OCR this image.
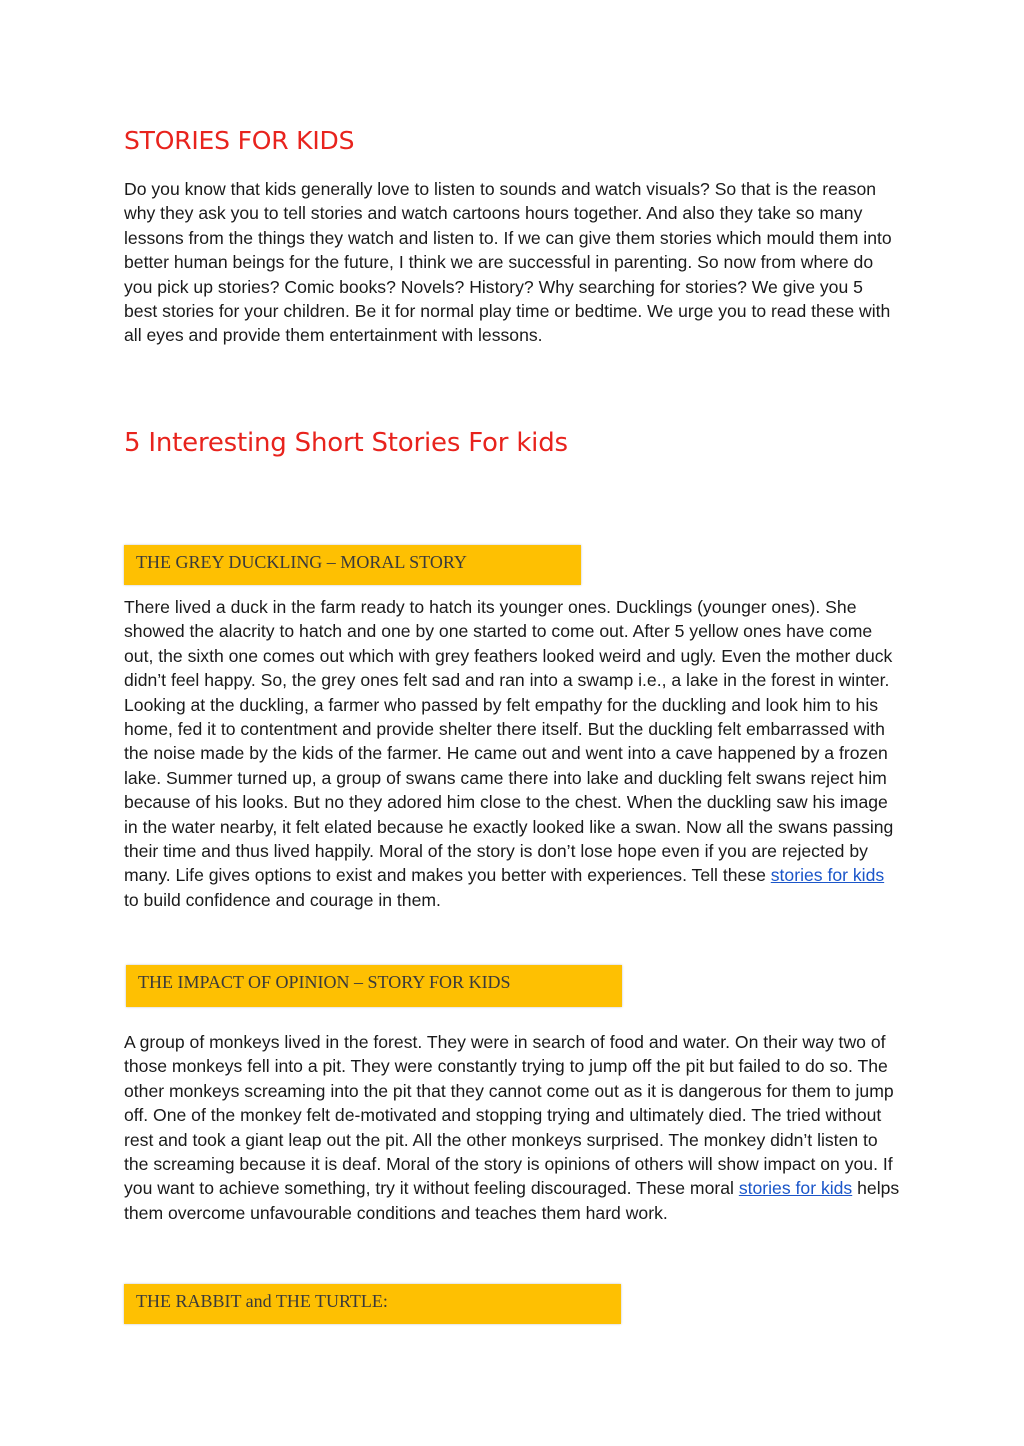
STORIES FOR KIDS

Do you know that kids generally love to listen to sounds and watch visuals? So that is the reason why they ask you to tell stories and watch cartoons hours together. And also they take so many lessons from the things they watch and listen to. If we can give them stories which mould them into better human beings for the future, I think we are successful in parenting. So now from where do you pick up stories? Comic books? Novels? History? Why searching for stories? We give you 5 best stories for your children. Be it for normal play time or bedtime. We urge you to read these with all eyes and provide them entertainment with lessons.

5 Interesting Short Stories For kids
THE GREY DUCKLING – MORAL STORY

There lived a duck in the farm ready to hatch its younger ones. Ducklings (younger ones). She showed the alacrity to hatch and one by one started to come out. After 5 yellow ones have come out, the sixth one comes out which with grey feathers looked weird and ugly. Even the mother duck didn’t feel happy. So, the grey ones felt sad and ran into a swamp i.e., a lake in the forest in winter. Looking at the duckling, a farmer who passed by felt empathy for the duckling and look him to his home, fed it to contentment and provide shelter there itself. But the duckling felt embarrassed with the noise made by the kids of the farmer. He came out and went into a cave happened by a frozen lake. Summer turned up, a group of swans came there into lake and duckling felt swans reject him because of his looks. But no they adored him close to the chest. When the duckling saw his image in the water nearby, it felt elated because he exactly looked like a swan. Now all the swans passing their time and thus lived happily. Moral of the story is don’t lose hope even if you are rejected by many. Life gives options to exist and makes you better with experiences. Tell these stories for kids to build confidence and courage in them.

THE IMPACT OF OPINION – STORY FOR KIDS

A group of monkeys lived in the forest. They were in search of food and water. On their way two of those monkeys fell into a pit. They were constantly trying to jump off the pit but failed to do so. The other monkeys screaming into the pit that they cannot come out as it is dangerous for them to jump off. One of the monkey felt de-motivated and stopping trying and ultimately died. The tried without rest and took a giant leap out the pit. All the other monkeys surprised. The monkey didn’t listen to the screaming because it is deaf. Moral of the story is opinions of others will show impact on you. If you want to achieve something, try it without feeling discouraged. These moral stories for kids helps them overcome unfavourable conditions and teaches them hard work.

THE RABBIT and THE TURTLE:
